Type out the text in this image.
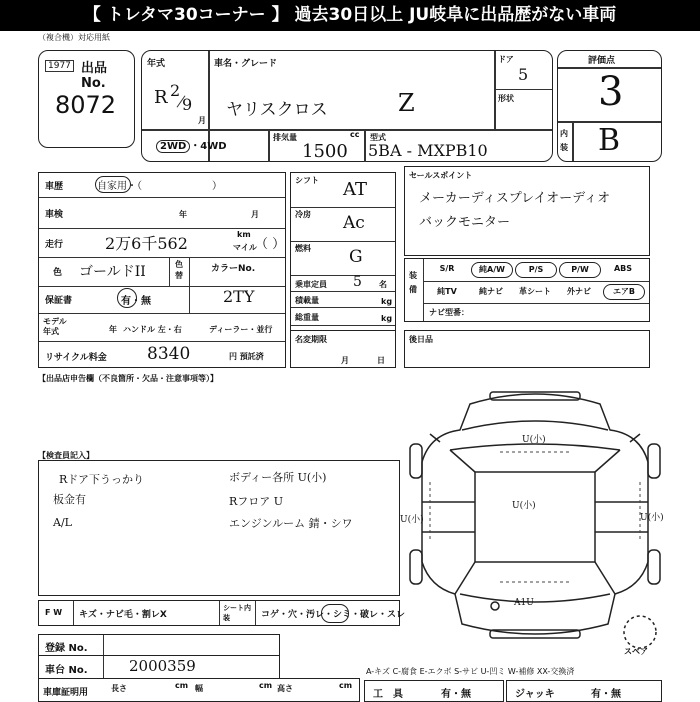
【 トレタマ30コーナー 】 過去30日以上 JU岐阜に出品歴がない車両
（複合機）対応用紙
1977 出品 No.
8072
年式
R 2
9
月
車名・グレード
ヤリスクロス	Z
ドア
5
形状
2WD ・4WD
排気量	cc
1500
型式
5BA - MXPB10
評価点
3
内装 B
車歴	自家用・（　　　　　　　）
車検	年	月
走行	2万6千562	km
マイル
（ ）
色 ゴールドII	色替
カラーNo.
2TY
保証書	有・無
モデル年式	年 ハンドル 左・右	ディーラー・並行
リサイクル料金 8340	円 預託済
シフト AT
冷房 Ac
燃料 G
乗車定員 5 名
積載量	kg
総重量	kg
名変期限
月	日
セールスポイント
メーカーディスプレイオーディオ
バックモニター
装備
S/R	純A/W	P/S	P/W	ABS
純TV	純ナビ	革シート	外ナビ	エアB
ナビ型番：
後日品
【出品店申告欄（不良箇所・欠品・注意事項等）】
【検査員記入】
Rドア下うっかり
板金有
A/L
ボディー各所 U(小)
Rフロア U
エンジンルーム 錆・シワ
U(小)
U(小)
U(小)	U(小)
A1U
スペア
F W キズ・ナビ毛・割レX
シート内装	コゲ・穴・汚レ・シミ・破レ・スレ
登録 No.
車台 No.	2000359
車庫証明用	長さ	cm 幅	cm 高さ	cm
A-キズ C-腐食 E-エクボ S-サビ U-凹ミ W-補修 XX-交換済
工　具	有・無	ジャッキ	有・無
